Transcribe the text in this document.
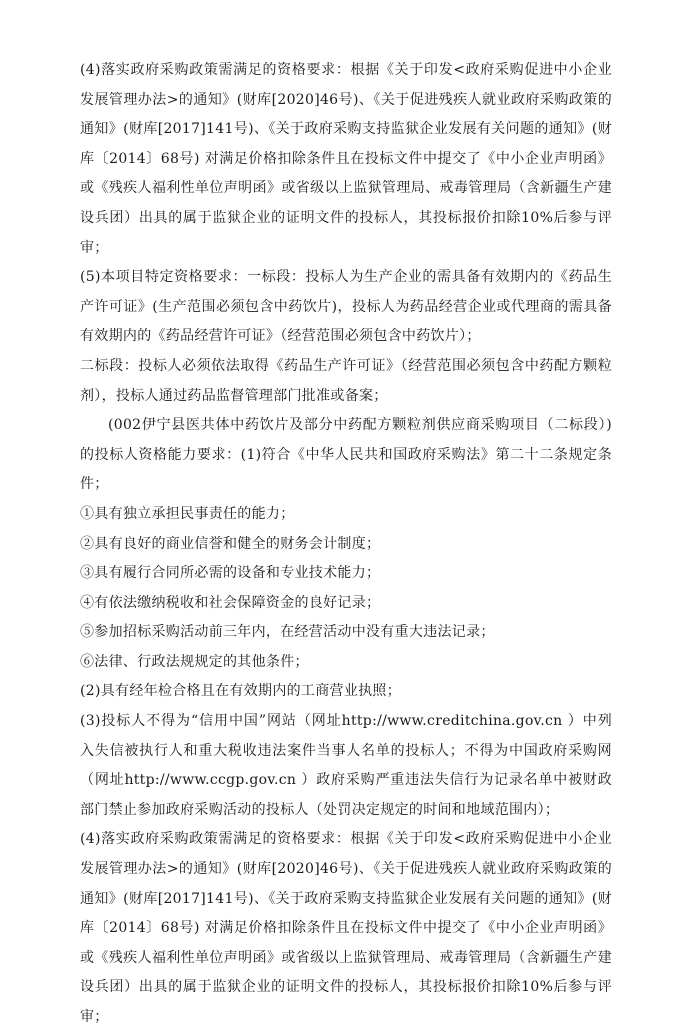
(4)落实政府采购政策需满足的资格要求：根据《关于印发<政府采购促进中小企业发展管理办法>的通知》(财库[2020]46号)、《关于促进残疾人就业政府采购政策的通知》(财库[2017]141号)、《关于政府采购支持监狱企业发展有关问题的通知》(财库〔2014〕68号) 对满足价格扣除条件且在投标文件中提交了《中小企业声明函》或《残疾人福利性单位声明函》或省级以上监狱管理局、戒毒管理局（含新疆生产建设兵团）出具的属于监狱企业的证明文件的投标人，其投标报价扣除10%后参与评审；

(5)本项目特定资格要求：一标段：投标人为生产企业的需具备有效期内的《药品生产许可证》(生产范围必须包含中药饮片)，投标人为药品经营企业或代理商的需具备有效期内的《药品经营许可证》（经营范围必须包含中药饮片）；

二标段：投标人必须依法取得《药品生产许可证》（经营范围必须包含中药配方颗粒剂），投标人通过药品监督管理部门批准或备案；

(002伊宁县医共体中药饮片及部分中药配方颗粒剂供应商采购项目（二标段）)的投标人资格能力要求：(1)符合《中华人民共和国政府采购法》第二十二条规定条件；

①具有独立承担民事责任的能力；

②具有良好的商业信誉和健全的财务会计制度；

③具有履行合同所必需的设备和专业技术能力；

④有依法缴纳税收和社会保障资金的良好记录；

⑤参加招标采购活动前三年内，在经营活动中没有重大违法记录；

⑥法律、行政法规规定的其他条件；

(2)具有经年检合格且在有效期内的工商营业执照；

(3)投标人不得为“信用中国”网站（网址http://www.creditchina.gov.cn ）中列入失信被执行人和重大税收违法案件当事人名单的投标人；不得为中国政府采购网（网址http://www.ccgp.gov.cn ）政府采购严重违法失信行为记录名单中被财政部门禁止参加政府采购活动的投标人（处罚决定规定的时间和地域范围内）；

(4)落实政府采购政策需满足的资格要求：根据《关于印发<政府采购促进中小企业发展管理办法>的通知》(财库[2020]46号)、《关于促进残疾人就业政府采购政策的通知》(财库[2017]141号)、《关于政府采购支持监狱企业发展有关问题的通知》(财库〔2014〕68号) 对满足价格扣除条件且在投标文件中提交了《中小企业声明函》或《残疾人福利性单位声明函》或省级以上监狱管理局、戒毒管理局（含新疆生产建设兵团）出具的属于监狱企业的证明文件的投标人，其投标报价扣除10%后参与评审；
